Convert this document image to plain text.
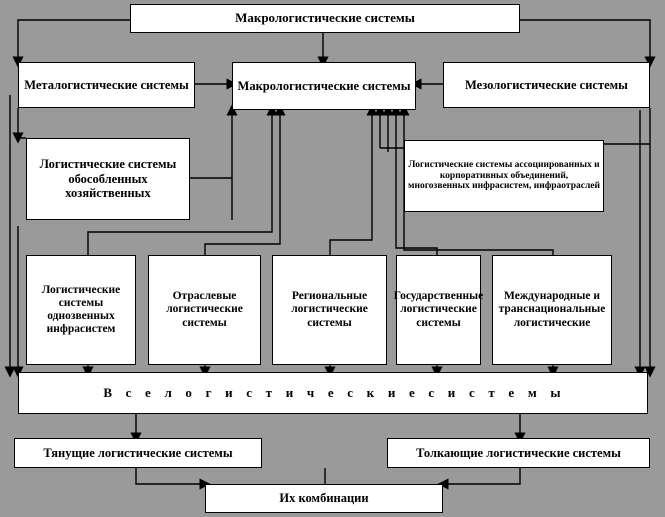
Макрологистические системы
Металогистические системы	Макрологистические системы	Мезологистические системы
Логистические системы обособленных хозяйственных
Логистические системы ассоциированных и корпоративных объединений, многозвенных инфрасистем, инфраотраслей
Логистические системы однозвенных инфрасистем
Отраслевые логистические системы
Региональные логистические системы
Государственные логистические системы
Международные и транснациональные логистические
В с е л о г и с т и ч е с к и е с и с т е м ы
Тянущие логистические системы	Толкающие логистические системы
Их комбинации
